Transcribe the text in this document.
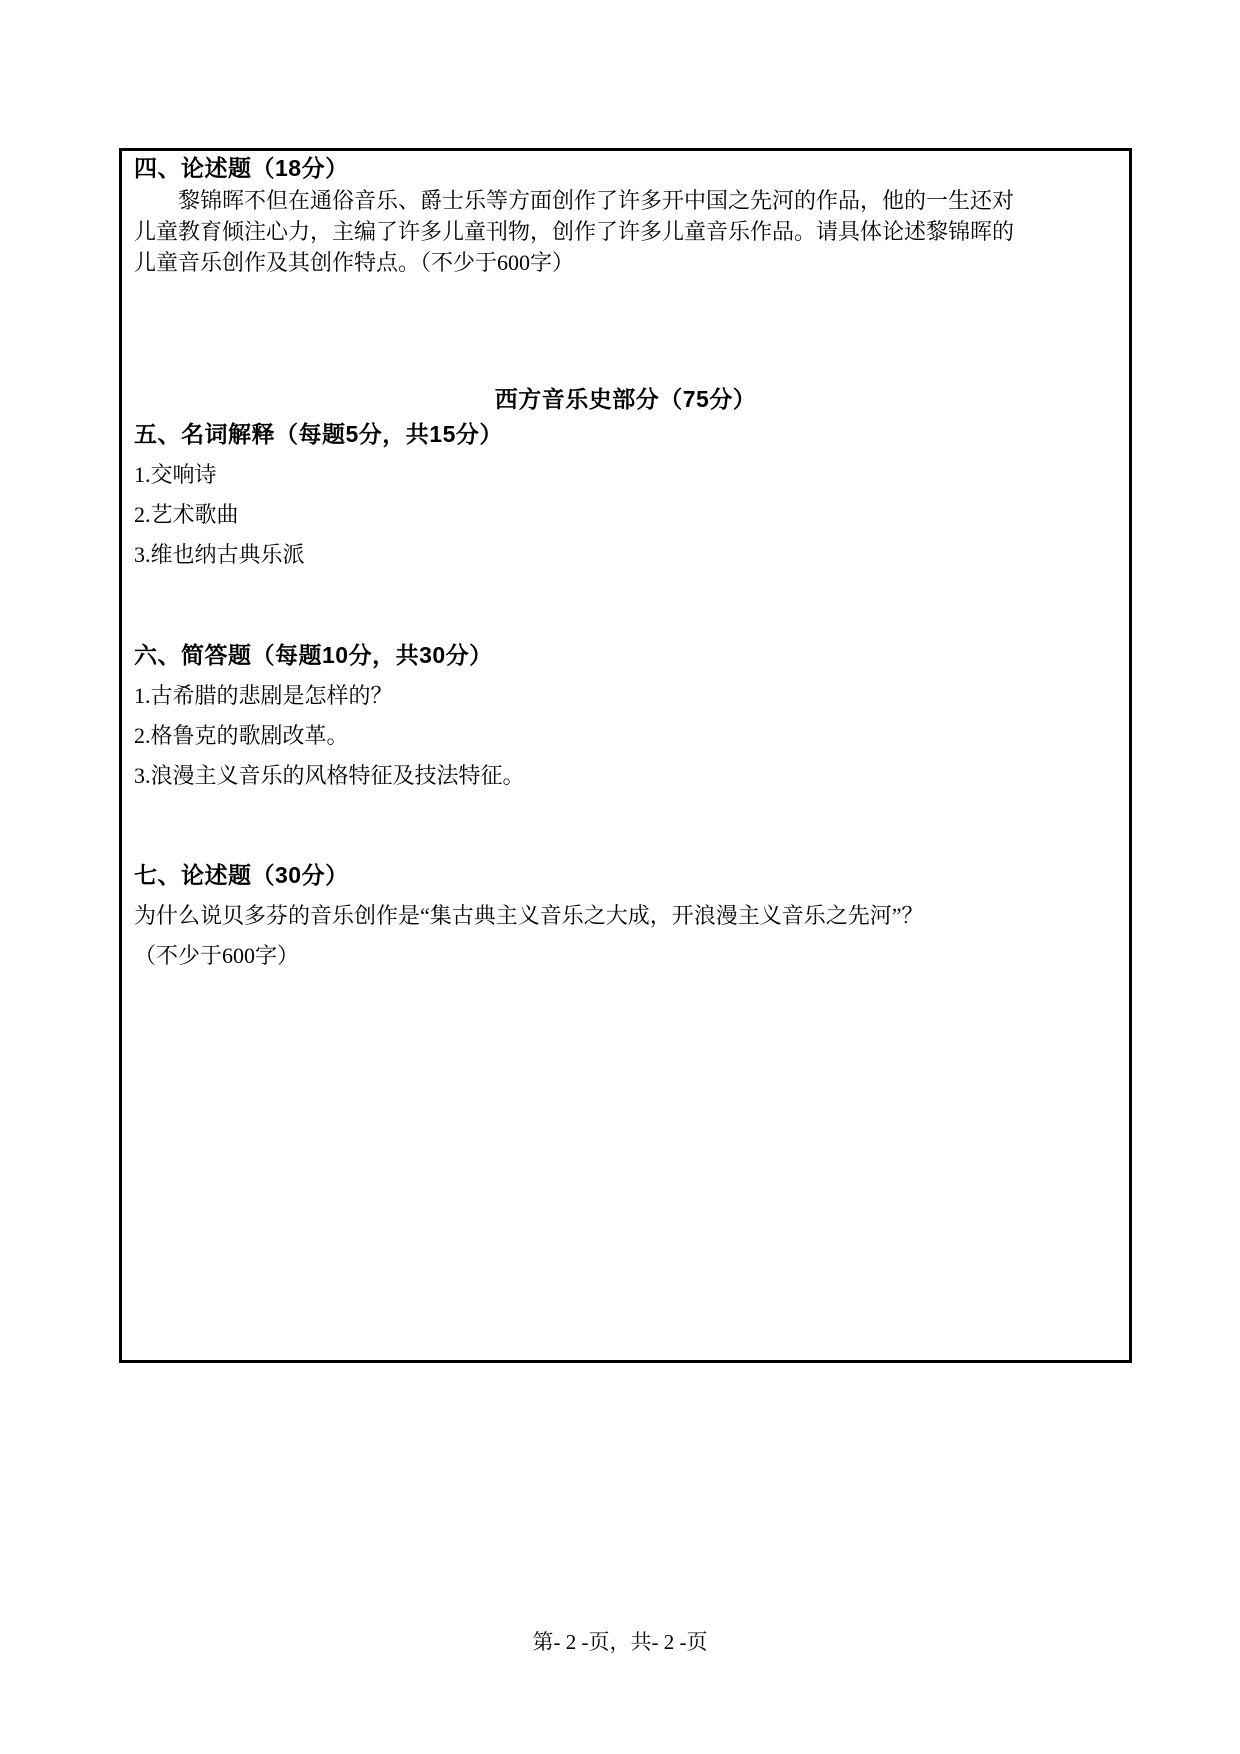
四、论述题（18分）
黎锦晖不但在通俗音乐、爵士乐等方面创作了许多开中国之先河的作品，他的一生还对
儿童教育倾注心力，主编了许多儿童刊物，创作了许多儿童音乐作品。请具体论述黎锦晖的
儿童音乐创作及其创作特点。（不少于600字）
西方音乐史部分（75分）
五、名词解释（每题5分，共15分）
1.交响诗
2.艺术歌曲
3.维也纳古典乐派
六、简答题（每题10分，共30分）
1.古希腊的悲剧是怎样的？
2.格鲁克的歌剧改革。
3.浪漫主义音乐的风格特征及技法特征。
七、论述题（30分）
为什么说贝多芬的音乐创作是“集古典主义音乐之大成，开浪漫主义音乐之先河”？
（不少于600字）
第- 2 -页，共- 2 -页
